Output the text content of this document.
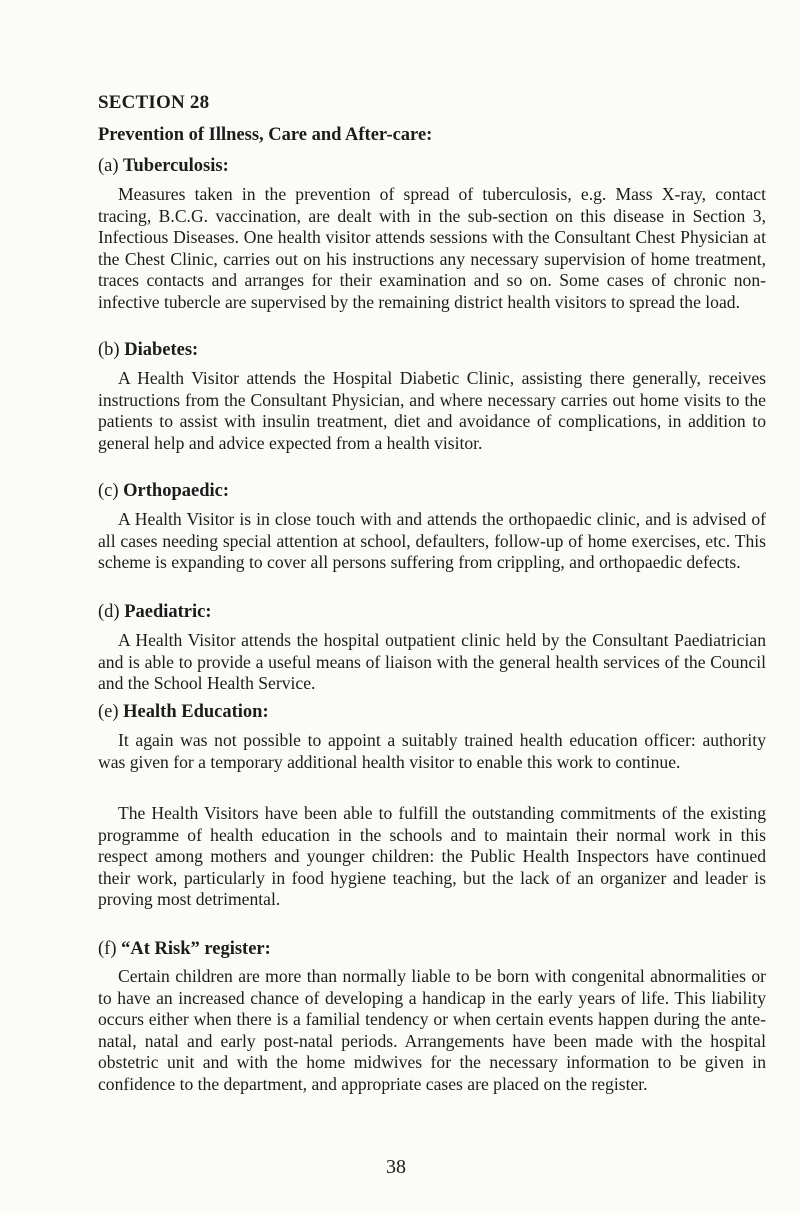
SECTION 28
Prevention of Illness, Care and After-care:
(a) Tuberculosis:

Measures taken in the prevention of spread of tuberculosis, e.g. Mass X-ray, contact tracing, B.C.G. vaccination, are dealt with in the sub-section on this disease in Section 3, Infectious Diseases. One health visitor attends sessions with the Consultant Chest Physician at the Chest Clinic, carries out on his instructions any necessary supervision of home treatment, traces contacts and arranges for their examination and so on. Some cases of chronic non-infective tubercle are supervised by the remaining district health visitors to spread the load.

(b) Diabetes:

A Health Visitor attends the Hospital Diabetic Clinic, assisting there generally, receives instructions from the Consultant Physician, and where necessary carries out home visits to the patients to assist with insulin treatment, diet and avoidance of complications, in addition to general help and advice expected from a health visitor.

(c) Orthopaedic:

A Health Visitor is in close touch with and attends the orthopaedic clinic, and is advised of all cases needing special attention at school, defaulters, follow-up of home exercises, etc. This scheme is expanding to cover all persons suffering from crippling, and orthopaedic defects.

(d) Paediatric:

A Health Visitor attends the hospital outpatient clinic held by the Consultant Paediatrician and is able to provide a useful means of liaison with the general health services of the Council and the School Health Service.

(e) Health Education:

It again was not possible to appoint a suitably trained health education officer: authority was given for a temporary additional health visitor to enable this work to continue.

The Health Visitors have been able to fulfill the outstanding commitments of the existing programme of health education in the schools and to maintain their normal work in this respect among mothers and younger children: the Public Health Inspectors have continued their work, particularly in food hygiene teaching, but the lack of an organizer and leader is proving most detrimental.

(f) “At Risk” register:

Certain children are more than normally liable to be born with congenital abnormalities or to have an increased chance of developing a handicap in the early years of life. This liability occurs either when there is a familial tendency or when certain events happen during the ante-natal, natal and early post-natal periods. Arrangements have been made with the hospital obstetric unit and with the home midwives for the necessary information to be given in confidence to the department, and appropriate cases are placed on the register.

38
